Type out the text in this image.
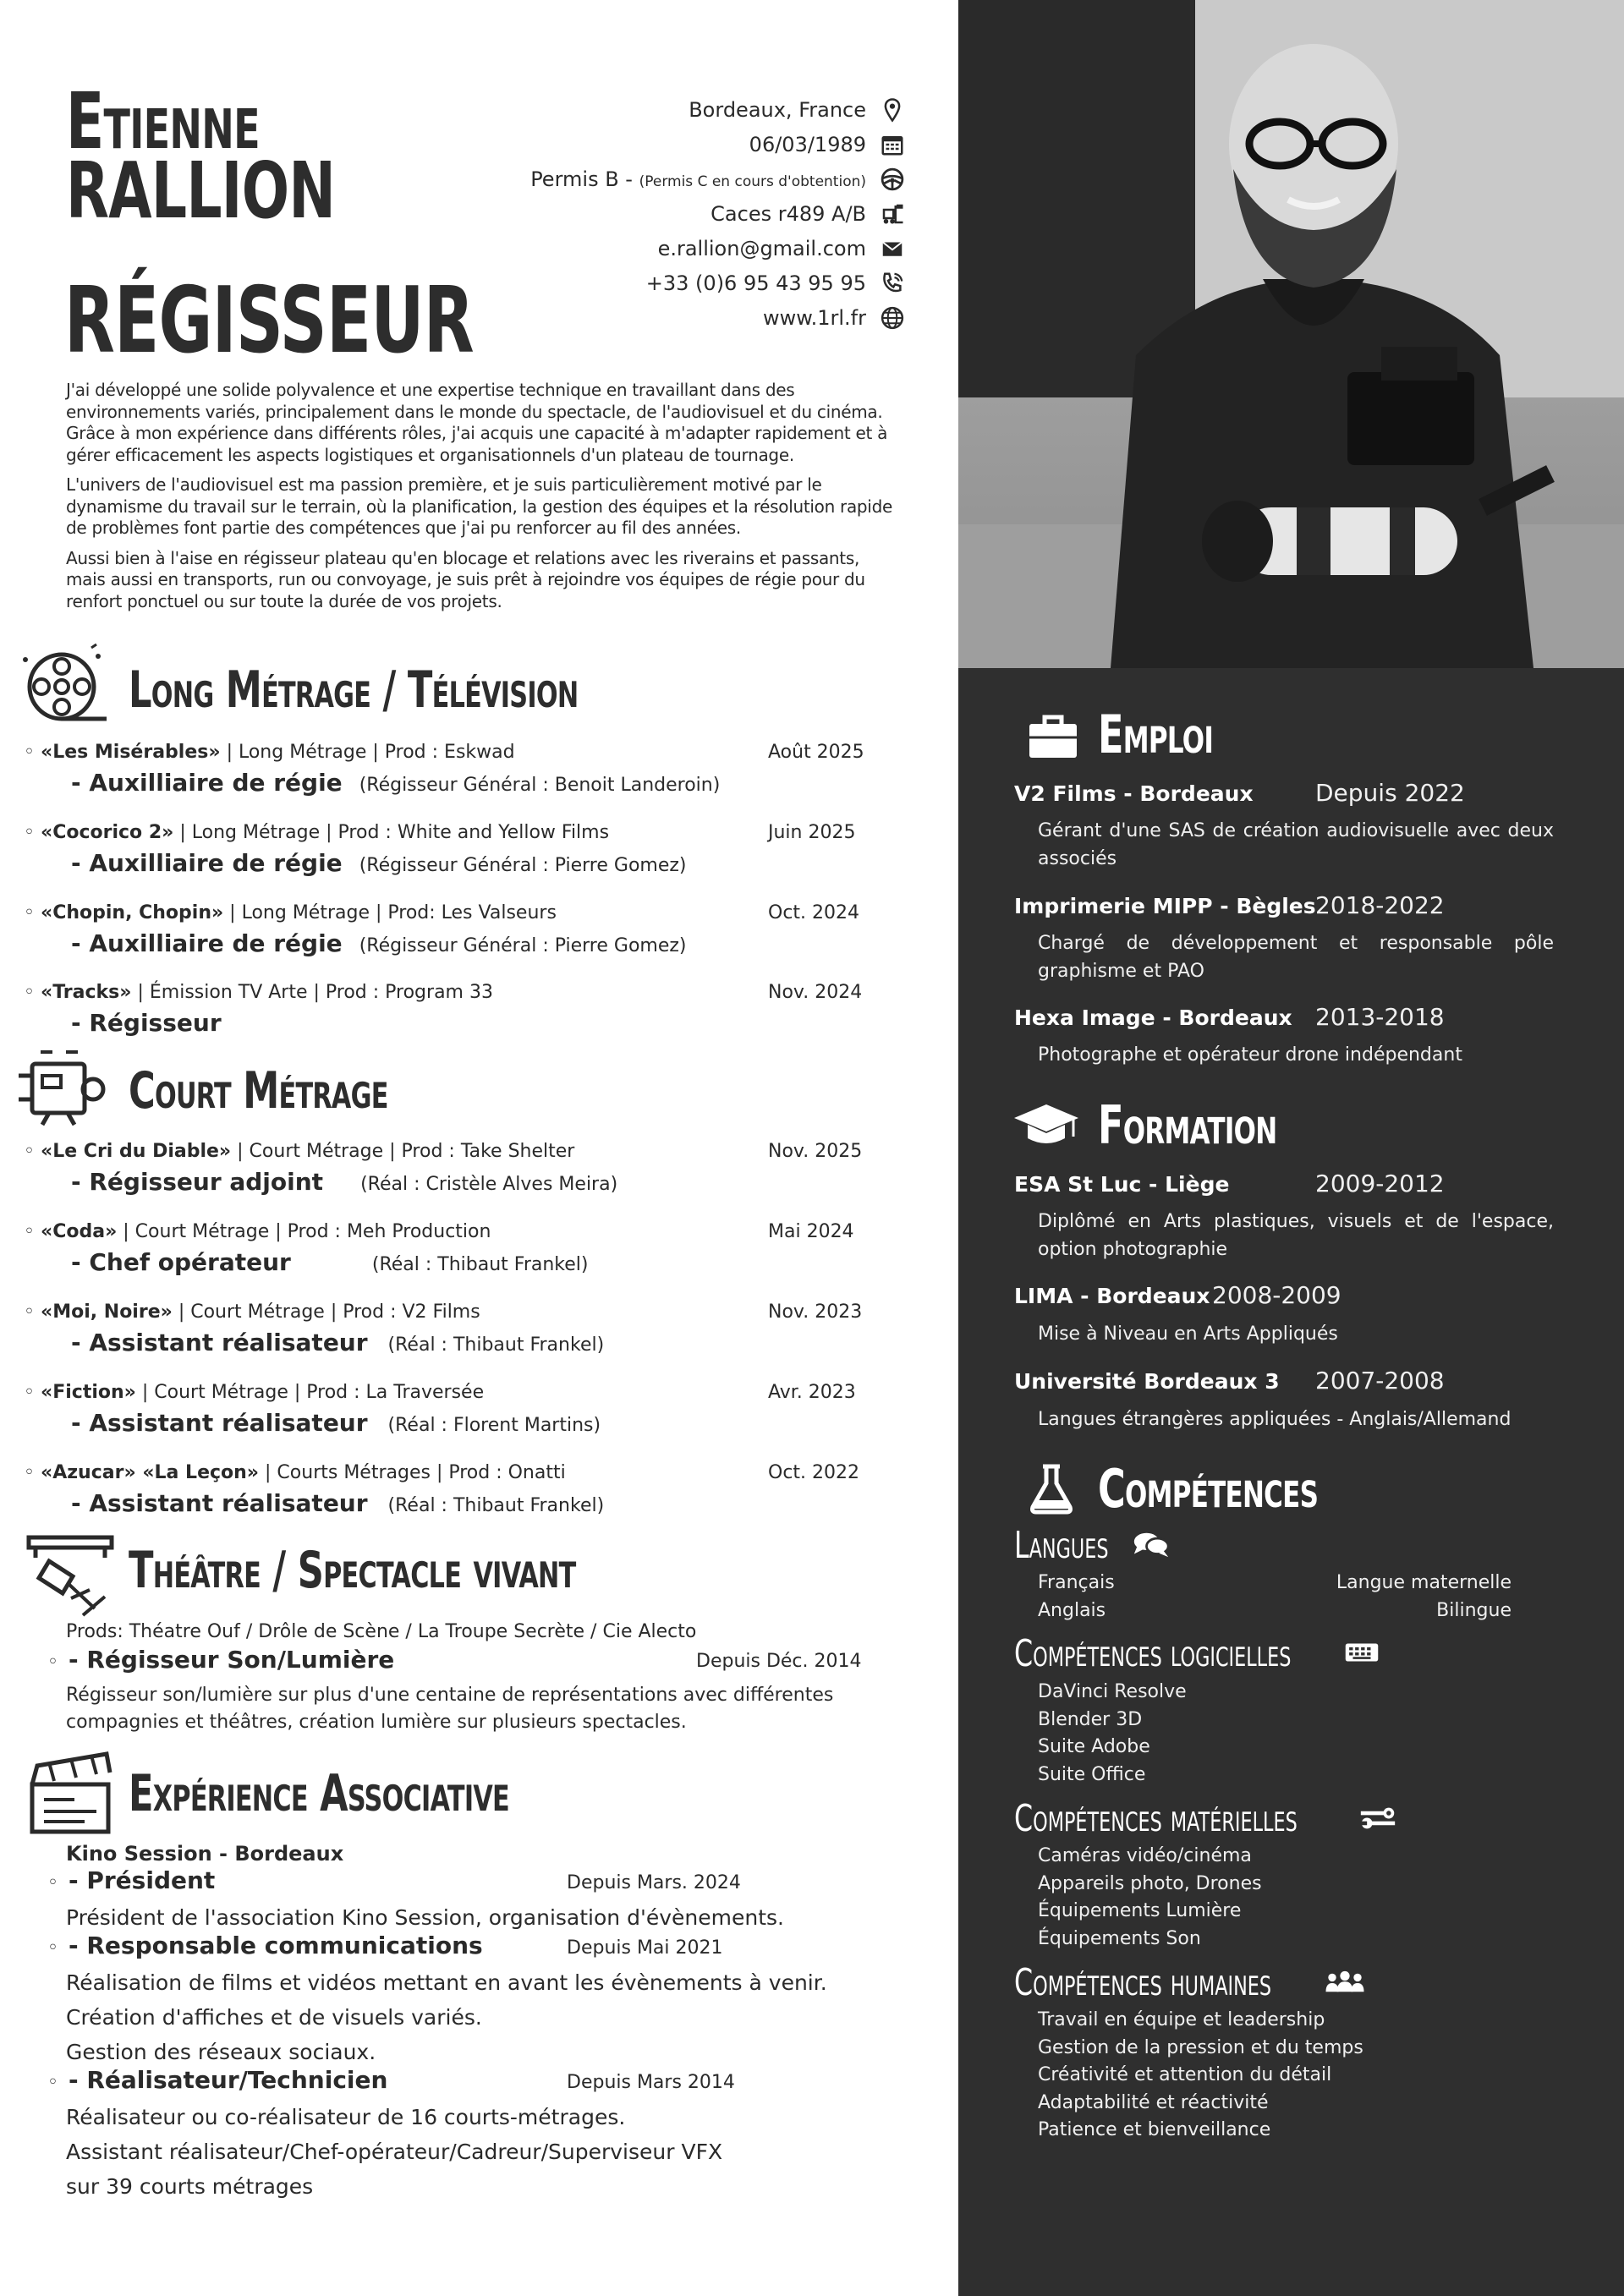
Etienne
RALLION
RÉGISSEUR
Bordeaux, France
06/03/1989
Permis B - (Permis C en cours d'obtention)
Caces r489 A/B
e.rallion@gmail.com
+33 (0)6 95 43 95 95
www.1rl.fr

J'ai développé une solide polyvalence et une expertise technique en travaillant dans des environnements variés, principalement dans le monde du spectacle, de l'audiovisuel et du cinéma. Grâce à mon expérience dans différents rôles, j'ai acquis une capacité à m'adapter rapidement et à gérer efficacement les aspects logistiques et organisationnels d'un plateau de tournage.

L'univers de l'audiovisuel est ma passion première, et je suis particulièrement motivé par le dynamisme du travail sur le terrain, où la planification, la gestion des équipes et la résolution rapide de problèmes font partie des compétences que j'ai pu renforcer au fil des années.

Aussi bien à l'aise en régisseur plateau qu'en blocage et relations avec les riverains et passants, mais aussi en transports, run ou convoyage, je suis prêt à rejoindre vos équipes de régie pour du renfort ponctuel ou sur toute la durée de vos projets.

Long Métrage / Télévision
◦ «Les Misérables» | Long Métrage | Prod : Eskwad	Août 2025
- Auxilliaire de régie (Régisseur Général : Benoit Landeroin)
◦ «Cocorico 2» | Long Métrage | Prod : White and Yellow Films	Juin 2025
- Auxilliaire de régie (Régisseur Général : Pierre Gomez)
◦ «Chopin, Chopin» | Long Métrage | Prod: Les Valseurs	Oct. 2024
- Auxilliaire de régie (Régisseur Général : Pierre Gomez)
◦ «Tracks» | Émission TV Arte | Prod : Program 33	Nov. 2024
- Régisseur
Court Métrage
◦ «Le Cri du Diable» | Court Métrage | Prod : Take Shelter	Nov. 2025
- Régisseur adjoint (Réal : Cristèle Alves Meira)
◦ «Coda» | Court Métrage | Prod : Meh Production	Mai 2024
- Chef opérateur	(Réal : Thibaut Frankel)
◦ «Moi, Noire» | Court Métrage | Prod : V2 Films	Nov. 2023
- Assistant réalisateur (Réal : Thibaut Frankel)
◦ «Fiction» | Court Métrage | Prod : La Traversée	Avr. 2023
- Assistant réalisateur (Réal : Florent Martins)
◦ «Azucar» «La Leçon» | Courts Métrages | Prod : Onatti	Oct. 2022
- Assistant réalisateur (Réal : Thibaut Frankel)
Théâtre / Spectacle vivant
Prods: Théatre Ouf / Drôle de Scène / La Troupe Secrète / Cie Alecto
◦ - Régisseur Son/Lumière	Depuis Déc. 2014
Régisseur son/lumière sur plus d'une centaine de représentations avec différentes
compagnies et théâtres, création lumière sur plusieurs spectacles.
Expérience Associative
Kino Session - Bordeaux
◦ - Président	Depuis Mars. 2024
Président de l'association Kino Session, organisation d'évènements.
◦ - Responsable communications	Depuis Mai 2021
Réalisation de films et vidéos mettant en avant les évènements à venir.
Création d'affiches et de visuels variés.
Gestion des réseaux sociaux.
◦ - Réalisateur/Technicien	Depuis Mars 2014
Réalisateur ou co-réalisateur de 16 courts-métrages.
Assistant réalisateur/Chef-opérateur/Cadreur/Superviseur VFX
sur 39 courts métrages
Emploi
V2 Films - Bordeaux	Depuis 2022
Gérant d'une SAS de création audiovisuelle avec deux associés
Imprimerie MIPP - Bègles 2018-2022
Chargé de développement et responsable pôle graphisme et PAO
Hexa Image - Bordeaux 2013-2018
Photographe et opérateur drone indépendant
Formation
ESA St Luc - Liège	2009-2012
Diplômé en Arts plastiques, visuels et de l'espace, option photographie
LIMA - Bordeaux 2008-2009
Mise à Niveau en Arts Appliqués
Université Bordeaux 3 2007-2008
Langues étrangères appliquées - Anglais/Allemand
Compétences
Langues
Français	Langue maternelle
Anglais	Bilingue
Compétences logicielles
DaVinci Resolve
Blender 3D
Suite Adobe
Suite Office
Compétences matérielles
Caméras vidéo/cinéma
Appareils photo, Drones
Équipements Lumière
Équipements Son
Compétences humaines
Travail en équipe et leadership
Gestion de la pression et du temps
Créativité et attention du détail
Adaptabilité et réactivité
Patience et bienveillance
